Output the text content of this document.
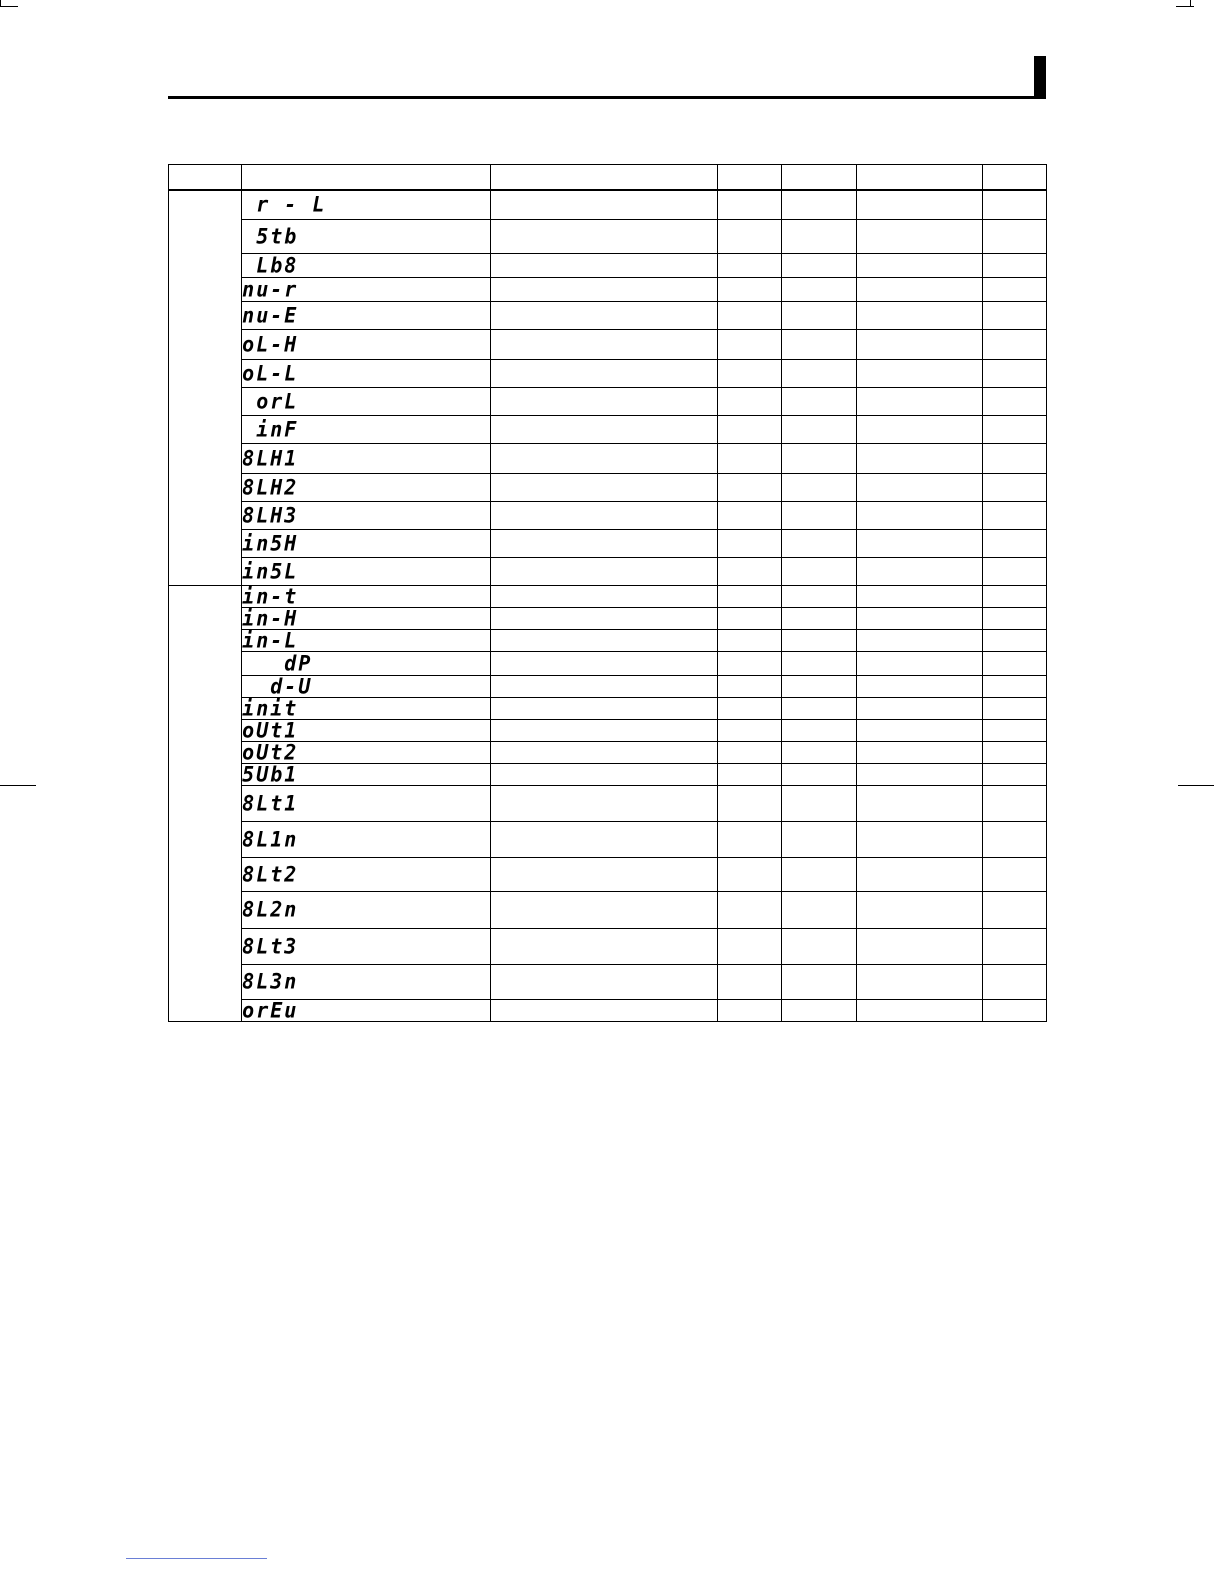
	r - L					
	5tb					
	Lb8					
	nu-r					
	nu-E					
	oL-H					
	oL-L					
	orL					
	inF					
	8LH1					
	8LH2					
	8LH3					
	in5H					
	in5L					
	in-t					
	in-H					
	in-L					
	dP					
	d-U					
	init					
	oUt1					
	oUt2					
	5Ub1					
	8Lt1					
	8L1n					
	8Lt2					
	8L2n					
	8Lt3					
	8L3n					
	orEu					
